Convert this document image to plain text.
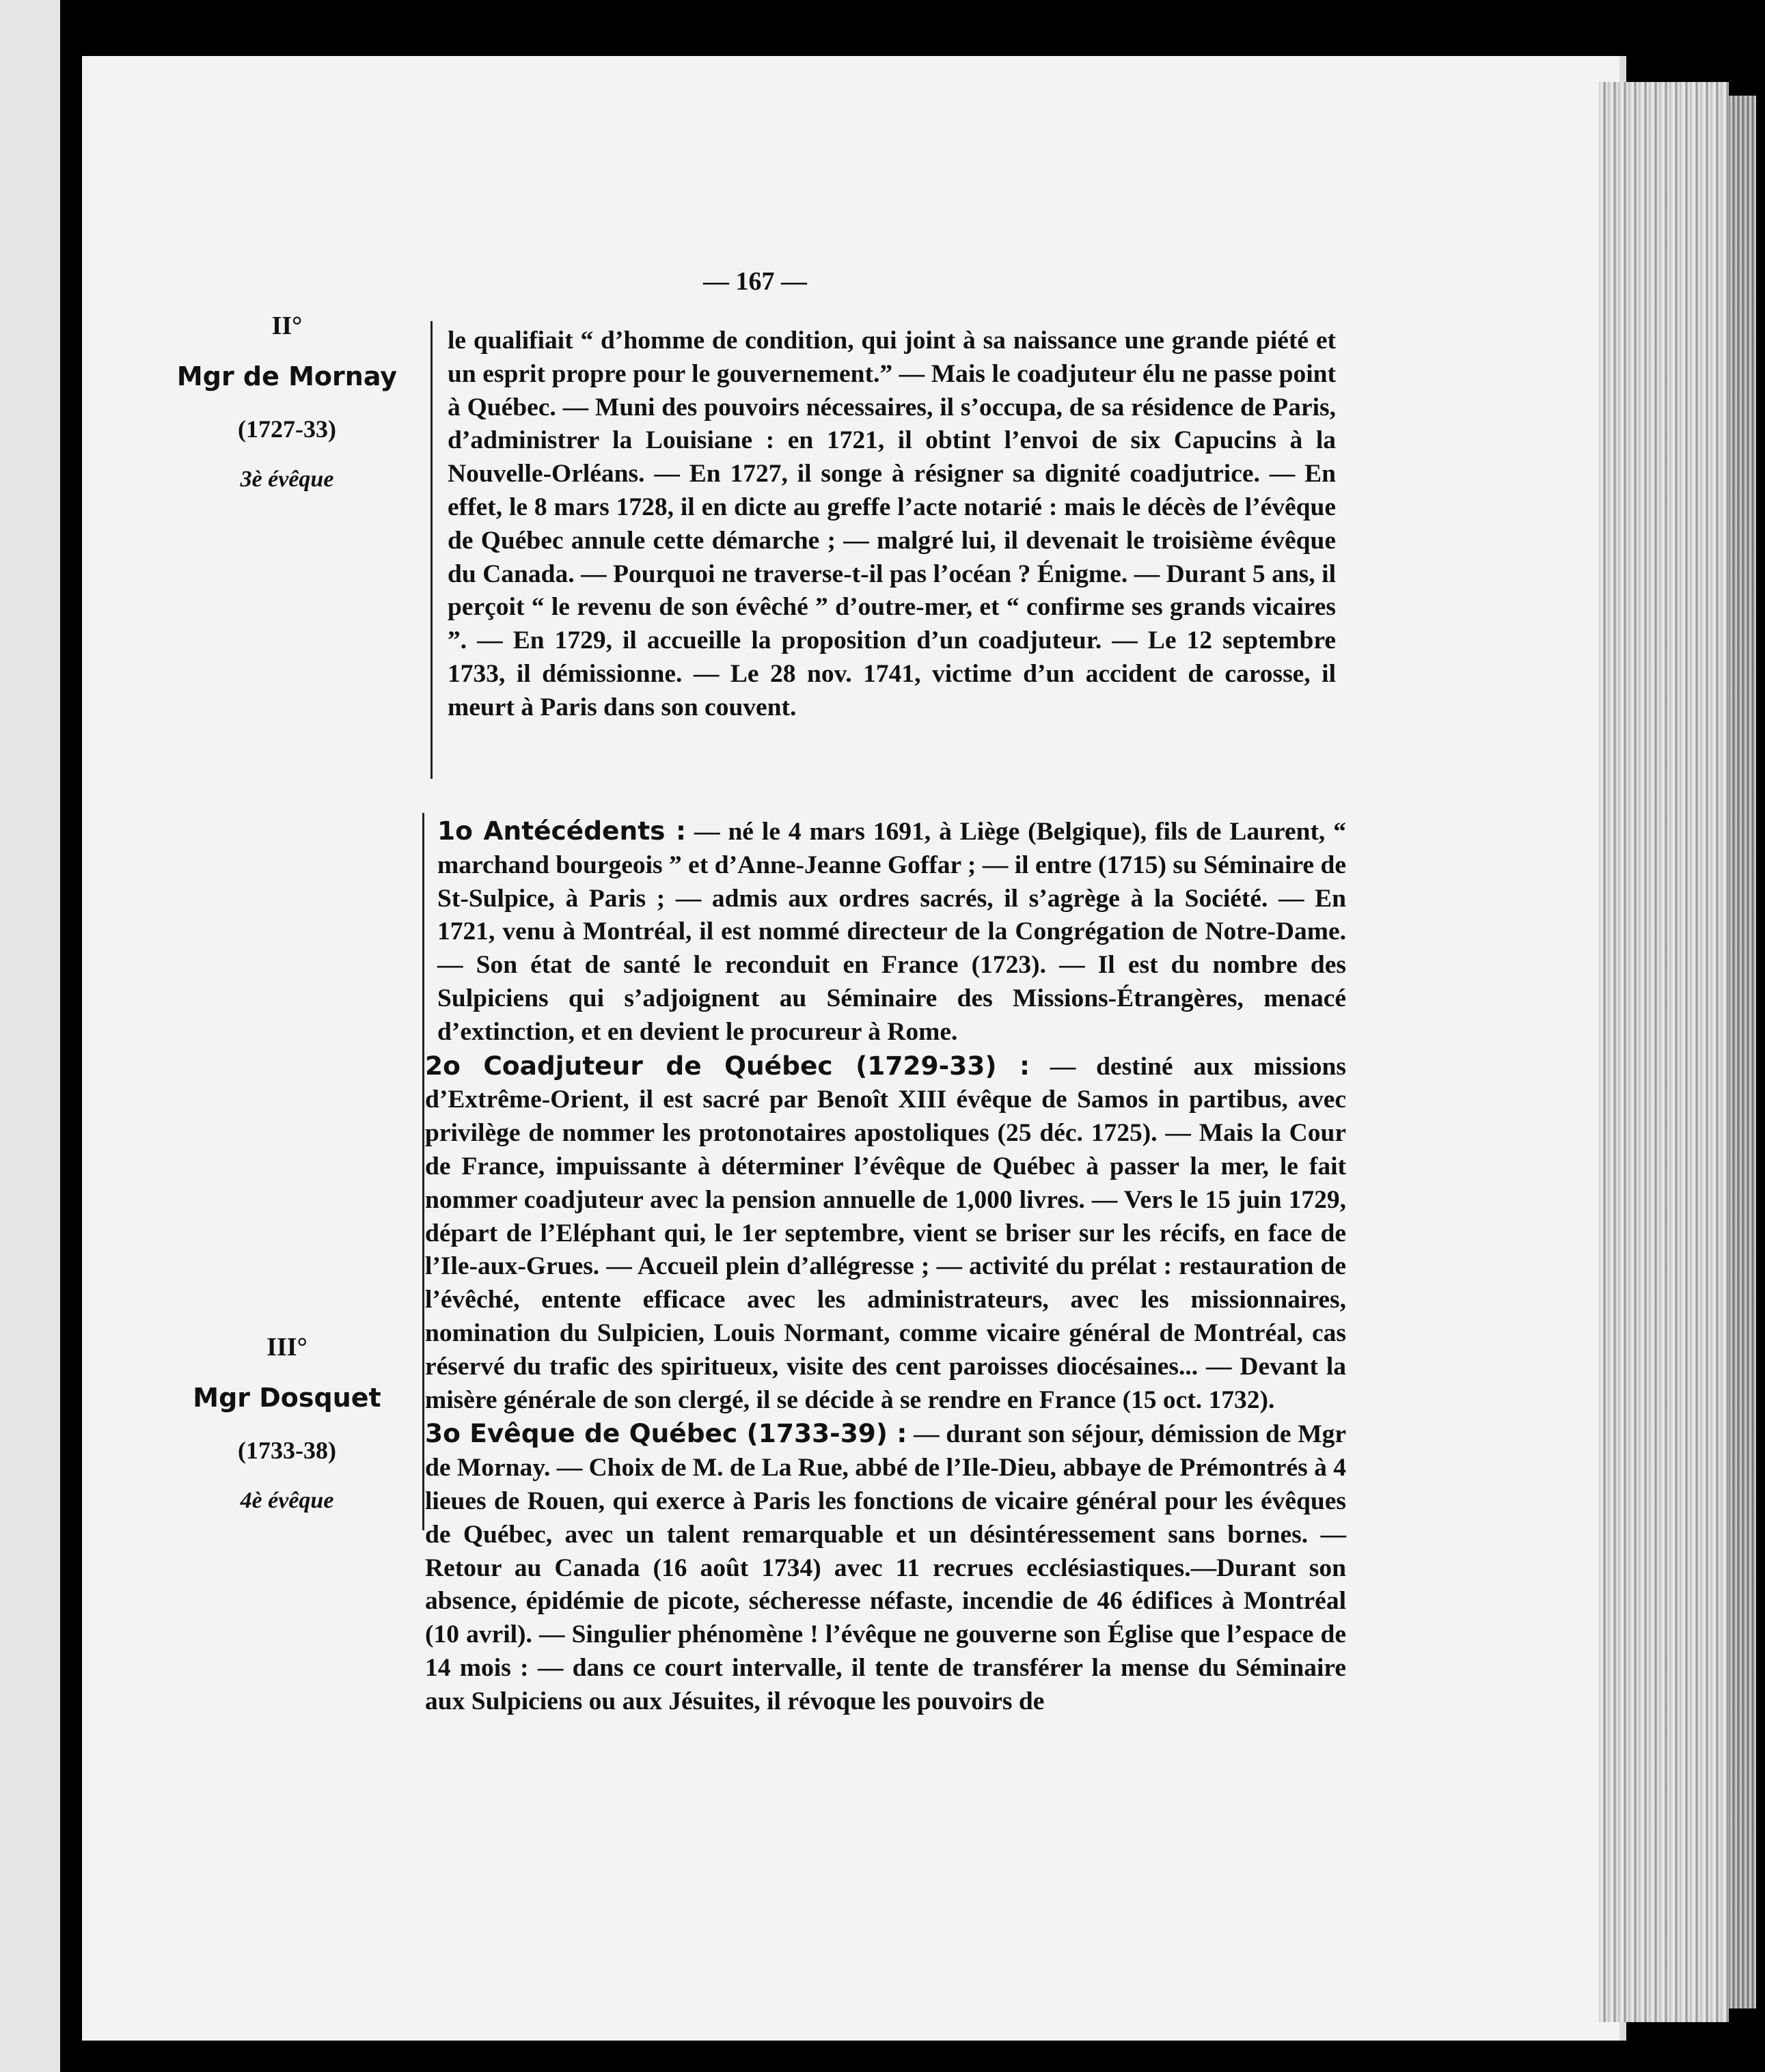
— 167 —
II°
Mgr de Mornay
(1727-33)
3è évêque

le qualifiait “ d’homme de condition, qui joint à sa naissance une grande piété et un esprit propre pour le gouvernement.” — Mais le coadjuteur élu ne passe point à Québec. — Muni des pouvoirs nécessaires, il s’occupa, de sa résidence de Paris, d’administrer la Louisiane : en 1721, il obtint l’envoi de six Capucins à la Nouvelle-Orléans. — En 1727, il songe à résigner sa dignité coadjutrice. — En effet, le 8 mars 1728, il en dicte au greffe l’acte notarié : mais le décès de l’évêque de Québec annule cette démarche ; — malgré lui, il devenait le troisième évêque du Canada. — Pourquoi ne traverse-t-il pas l’océan ? Énigme. — Durant 5 ans, il perçoit “ le revenu de son évêché ” d’outre-mer, et “ confirme ses grands vicaires ”. — En 1729, il accueille la proposition d’un coadjuteur. — Le 12 septembre 1733, il démissionne. — Le 28 nov. 1741, victime d’un accident de carosse, il meurt à Paris dans son couvent.

III°
Mgr Dosquet
(1733-38)
4è évêque

1o Antécédents : — né le 4 mars 1691, à Liège (Belgique), fils de Laurent, “ marchand bourgeois ” et d’Anne-Jeanne Goffar ; — il entre (1715) su Séminaire de St-Sulpice, à Paris ; — admis aux ordres sacrés, il s’agrège à la Société. — En 1721, venu à Montréal, il est nommé directeur de la Congrégation de Notre-Dame. — Son état de santé le reconduit en France (1723). — Il est du nombre des Sulpiciens qui s’adjoignent au Séminaire des Missions-Étrangères, menacé d’extinction, et en devient le procureur à Rome.

2o Coadjuteur de Québec (1729-33) : — destiné aux missions d’Extrême-Orient, il est sacré par Benoît XIII évêque de Samos in partibus, avec privilège de nommer les protonotaires apostoliques (25 déc. 1725). — Mais la Cour de France, impuissante à déterminer l’évêque de Québec à passer la mer, le fait nommer coadjuteur avec la pension annuelle de 1,000 livres. — Vers le 15 juin 1729, départ de l’Eléphant qui, le 1er septembre, vient se briser sur les récifs, en face de l’Ile-aux-Grues. — Accueil plein d’allégresse ; — activité du prélat : restauration de l’évêché, entente efficace avec les administrateurs, avec les missionnaires, nomination du Sulpicien, Louis Normant, comme vicaire général de Montréal, cas réservé du trafic des spiritueux, visite des cent paroisses diocésaines... — Devant la misère générale de son clergé, il se décide à se rendre en France (15 oct. 1732).

3o Evêque de Québec (1733-39) : — durant son séjour, démission de Mgr de Mornay. — Choix de M. de La Rue, abbé de l’Ile-Dieu, abbaye de Prémontrés à 4 lieues de Rouen, qui exerce à Paris les fonctions de vicaire général pour les évêques de Québec, avec un talent remarquable et un désintéressement sans bornes. — Retour au Canada (16 août 1734) avec 11 recrues ecclésiastiques.—Durant son absence, épidémie de picote, sécheresse néfaste, incendie de 46 édifices à Montréal (10 avril). — Singulier phénomène ! l’évêque ne gouverne son Église que l’espace de 14 mois : — dans ce court intervalle, il tente de transférer la mense du Séminaire aux Sulpiciens ou aux Jésuites, il révoque les pouvoirs de
